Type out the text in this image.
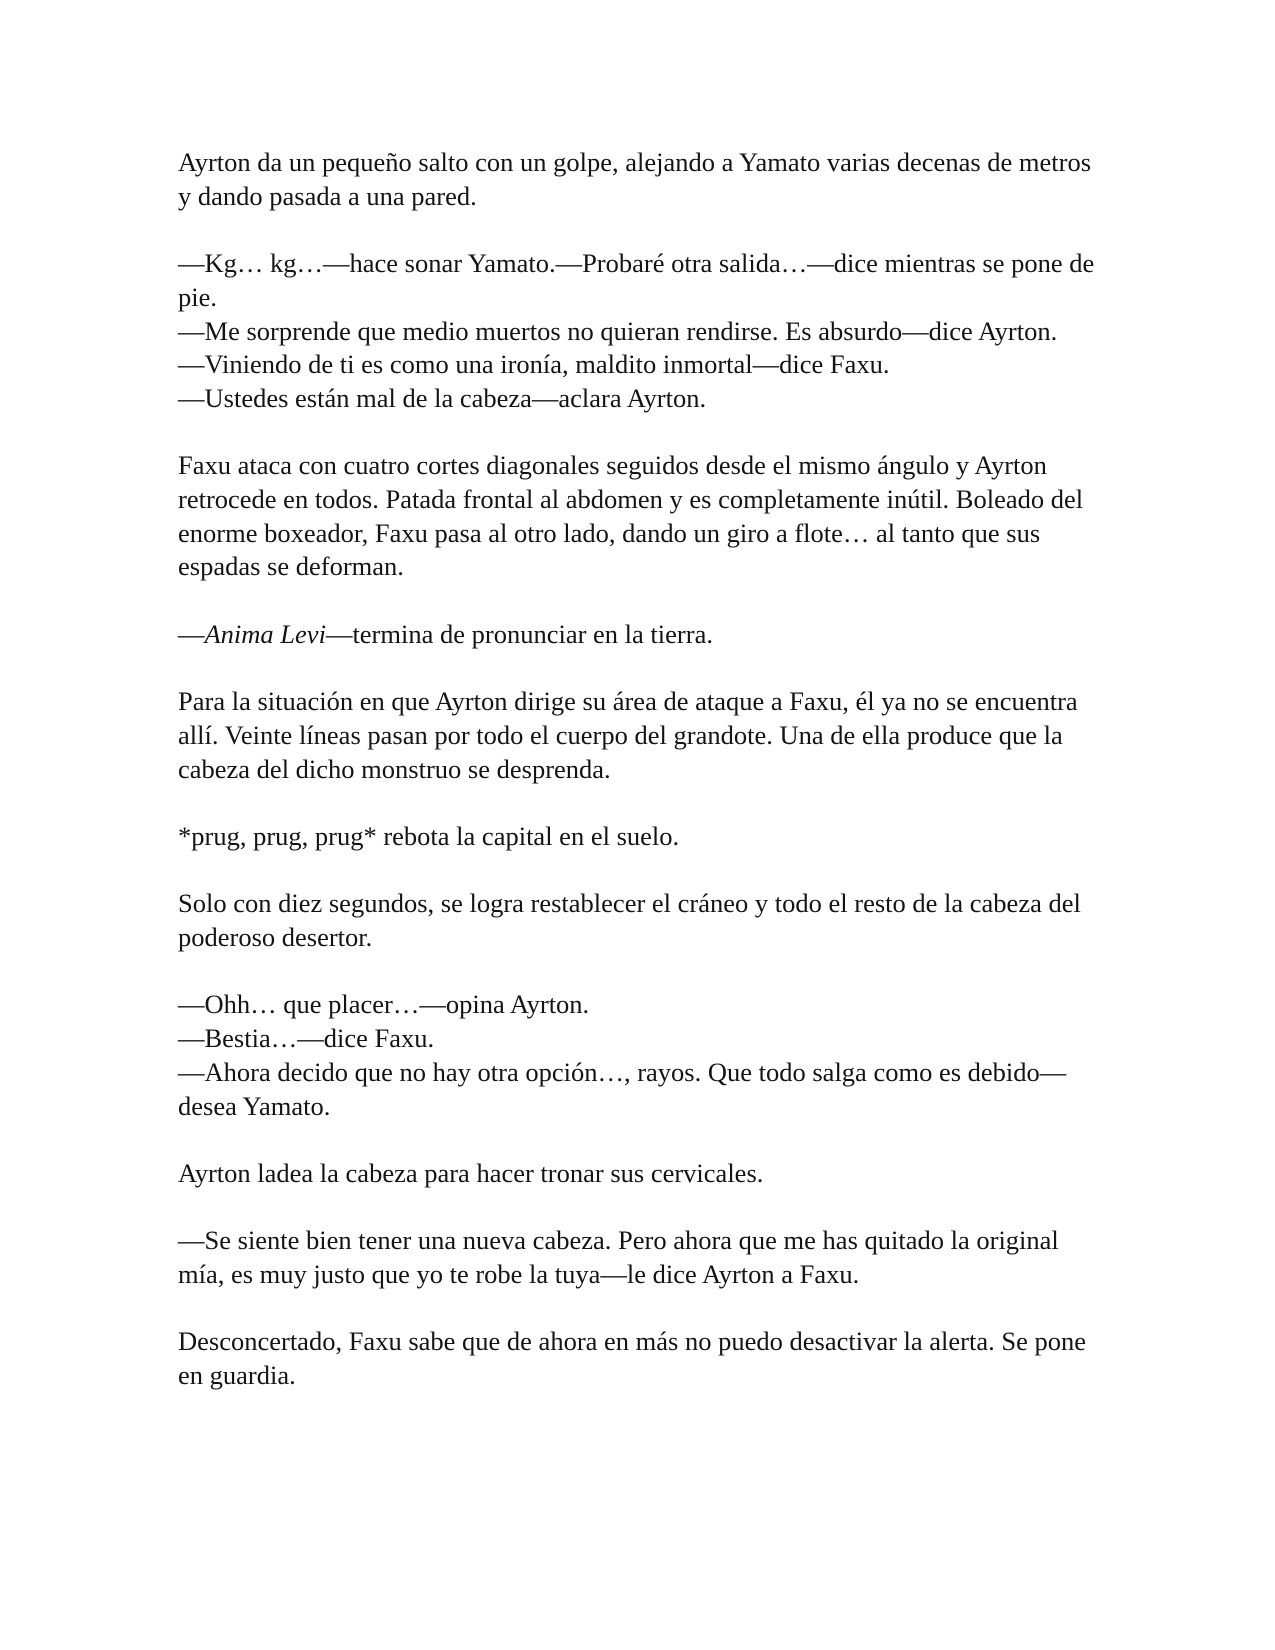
Ayrton da un pequeño salto con un golpe, alejando a Yamato varias decenas de metros y dando pasada a una pared.

—Kg… kg…—hace sonar Yamato.—Probaré otra salida…—dice mientras se pone de pie.
—Me sorprende que medio muertos no quieran rendirse. Es absurdo—dice Ayrton.
—Viniendo de ti es como una ironía, maldito inmortal—dice Faxu.
—Ustedes están mal de la cabeza—aclara Ayrton.

Faxu ataca con cuatro cortes diagonales seguidos desde el mismo ángulo y Ayrton retrocede en todos. Patada frontal al abdomen y es completamente inútil. Boleado del enorme boxeador, Faxu pasa al otro lado, dando un giro a flote… al tanto que sus espadas se deforman.

—Anima Levi—termina de pronunciar en la tierra.

Para la situación en que Ayrton dirige su área de ataque a Faxu, él ya no se encuentra allí. Veinte líneas pasan por todo el cuerpo del grandote. Una de ella produce que la cabeza del dicho monstruo se desprenda.

*prug, prug, prug* rebota la capital en el suelo.

Solo con diez segundos, se logra restablecer el cráneo y todo el resto de la cabeza del poderoso desertor.

—Ohh… que placer…—opina Ayrton.
—Bestia…—dice Faxu.
—Ahora decido que no hay otra opción…, rayos. Que todo salga como es debido—desea Yamato.

Ayrton ladea la cabeza para hacer tronar sus cervicales.

—Se siente bien tener una nueva cabeza. Pero ahora que me has quitado la original mía, es muy justo que yo te robe la tuya—le dice Ayrton a Faxu.

Desconcertado, Faxu sabe que de ahora en más no puedo desactivar la alerta. Se pone en guardia.
